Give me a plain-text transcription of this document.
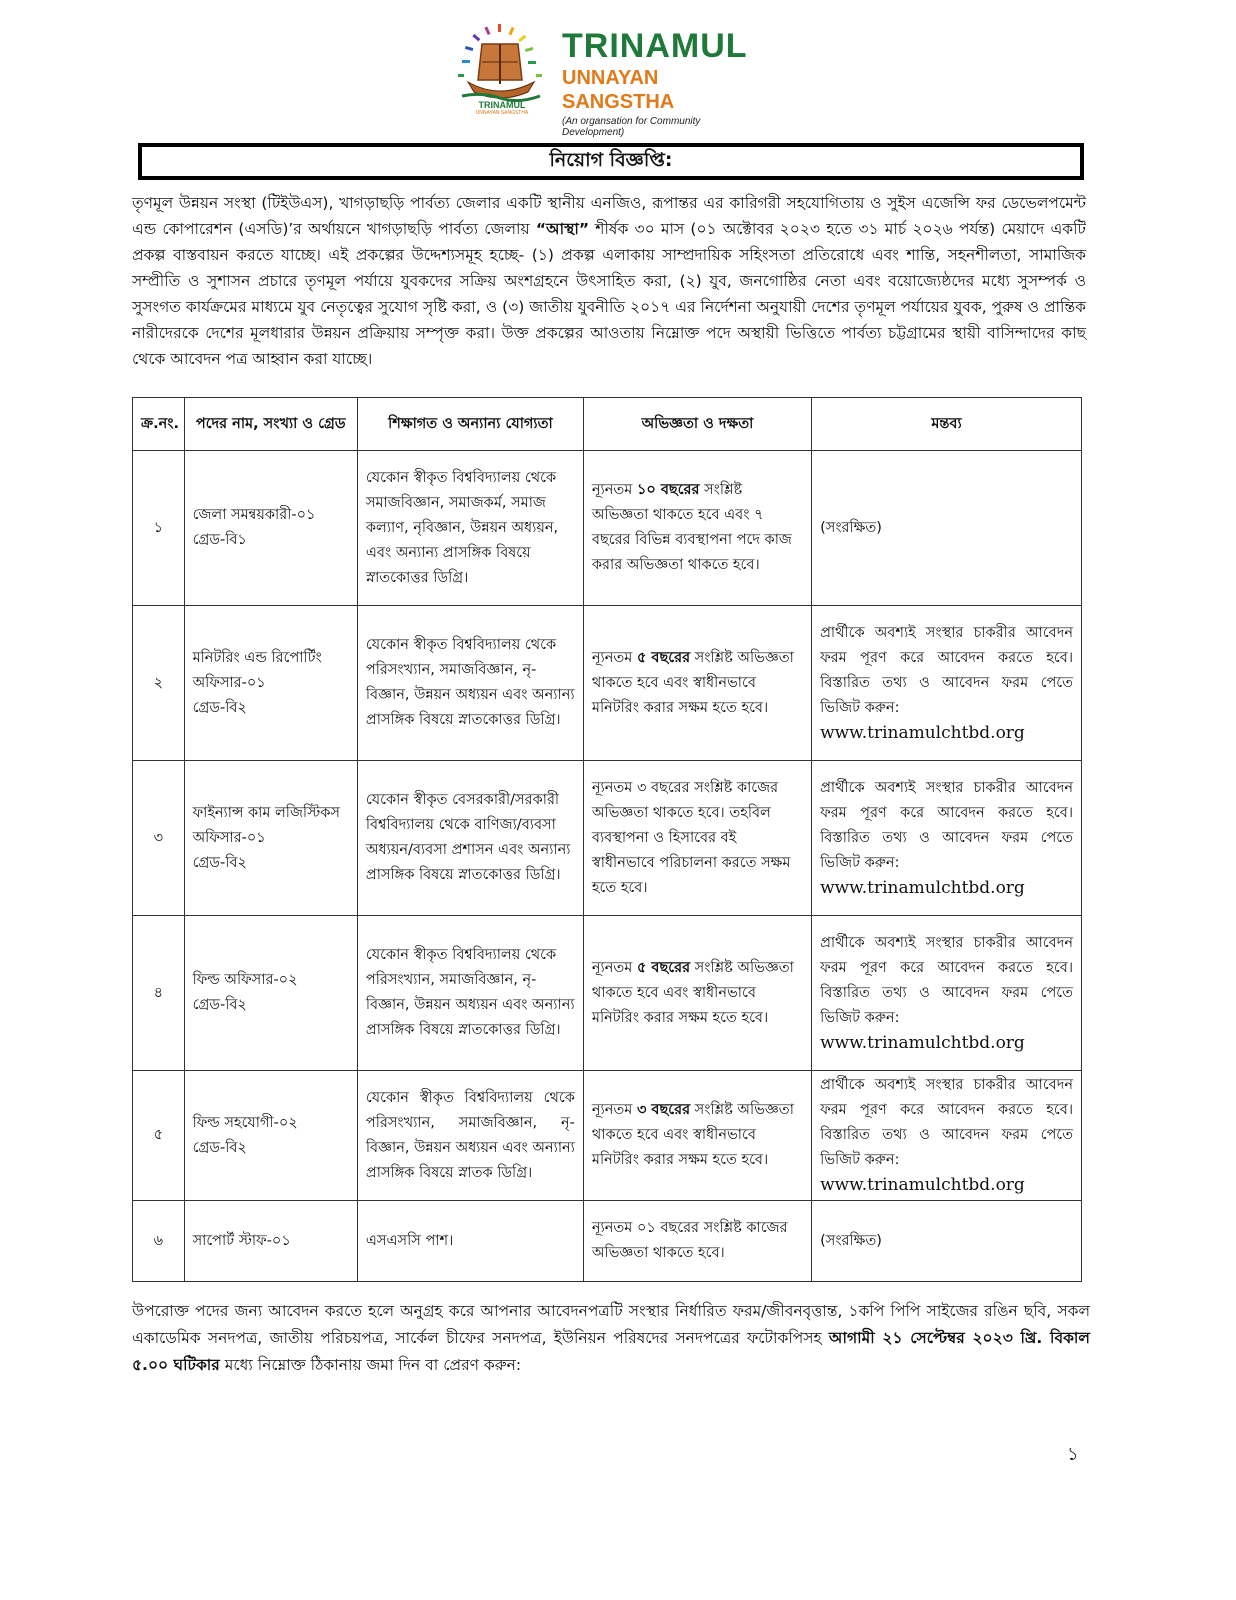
TRINAMUL
UNNAYAN SANGSTHA
TRINAMUL
UNNAYAN SANGSTHA
(An organsation for Community Development)
নিয়োগ বিজ্ঞপ্তি:
তৃণমূল উন্নয়ন সংস্থা (টিইউএস), খাগড়াছড়ি পার্বত্য জেলার একটি স্থানীয় এনজিও, রূপান্তর এর কারিগরী সহযোগিতায় ও সুইস এজেন্সি ফর ডেভেলপমেন্ট এন্ড কোপারেশন (এসডি)’র অর্থায়নে খাগড়াছড়ি পার্বত্য জেলায় “আস্থা” শীর্ষক ৩০ মাস (০১ অক্টোবর ২০২৩ হতে ৩১ মার্চ ২০২৬ পর্যন্ত) মেয়াদে একটি প্রকল্প বাস্তবায়ন করতে যাচ্ছে। এই প্রকল্পের উদ্দেশ্যসমূহ হচ্ছে- (১) প্রকল্প এলাকায় সাম্প্রদায়িক সহিংসতা প্রতিরোধে এবং শান্তি, সহনশীলতা, সামাজিক সম্প্রীতি ও সুশাসন প্রচারে তৃণমূল পর্যায়ে যুবকদের সক্রিয় অংশগ্রহনে উৎসাহিত করা, (২) যুব, জনগোষ্ঠির নেতা এবং বয়োজ্যেষ্ঠদের মধ্যে সুসম্পর্ক ও সুসংগত কার্যক্রমের মাধ্যমে যুব নেতৃত্বের সুযোগ সৃষ্টি করা, ও (৩) জাতীয় যুবনীতি ২০১৭ এর নির্দেশনা অনুযায়ী দেশের তৃণমূল পর্যায়ের যুবক, পুরুষ ও প্রান্তিক নারীদেরকে দেশের মূলধারার উন্নয়ন প্রক্রিয়ায় সম্পৃক্ত করা। উক্ত প্রকল্পের আওতায় নিম্নোক্ত পদে অস্থায়ী ভিত্তিতে পার্বত্য চট্টগ্রামের স্থায়ী বাসিন্দাদের কাছ থেকে আবেদন পত্র আহ্বান করা যাচ্ছে।
ক্র.নং.	পদের নাম, সংখ্যা ও গ্রেড	শিক্ষাগত ও অন্যান্য যোগ্যতা	অভিজ্ঞতা ও দক্ষতা	মন্তব্য
১	জেলা সমন্বয়কারী-০১
গ্রেড-বি১	যেকোন স্বীকৃত বিশ্ববিদ্যালয় থেকে সমাজবিজ্ঞান, সমাজকর্ম, সমাজ কল্যাণ, নৃবিজ্ঞান, উন্নয়ন অধ্যয়ন, এবং অন্যান্য প্রাসঙ্গিক বিষয়ে স্নাতকোত্তর ডিগ্রি।	ন্যূনতম ১০ বছরের সংশ্লিষ্ট অভিজ্ঞতা থাকতে হবে এবং ৭ বছরের বিভিন্ন ব্যবস্থাপনা পদে কাজ করার অভিজ্ঞতা থাকতে হবে।	(সংরক্ষিত)
২	মনিটরিং এন্ড রিপোর্টিং অফিসার-০১
গ্রেড-বি২	যেকোন স্বীকৃত বিশ্ববিদ্যালয় থেকে পরিসংখ্যান, সমাজবিজ্ঞান, নৃ-বিজ্ঞান, উন্নয়ন অধ্যয়ন এবং অন্যান্য প্রাসঙ্গিক বিষয়ে স্নাতকোত্তর ডিগ্রি।	ন্যূনতম ৫ বছরের সংশ্লিষ্ট অভিজ্ঞতা থাকতে হবে এবং স্বাধীনভাবে মনিটরিং করার সক্ষম হতে হবে।	প্রার্থীকে অবশ্যই সংস্থার চাকরীর আবেদন ফরম পূরণ করে আবেদন করতে হবে। বিস্তারিত তথ্য ও আবেদন ফরম পেতে ভিজিট করুন:
www.trinamulchtbd.org

৩	ফাইন্যান্স কাম লজিস্টিকস অফিসার-০১
গ্রেড-বি২	যেকোন স্বীকৃত বেসরকারী/সরকারী বিশ্ববিদ্যালয় থেকে বাণিজ্য/ব্যবসা অধ্যয়ন/ব্যবসা প্রশাসন এবং অন্যান্য প্রাসঙ্গিক বিষয়ে স্নাতকোত্তর ডিগ্রি।	ন্যূনতম ৩ বছরের সংশ্লিষ্ট কাজের অভিজ্ঞতা থাকতে হবে। তহবিল ব্যবস্থাপনা ও হিসাবের বই স্বাধীনভাবে পরিচালনা করতে সক্ষম হতে হবে।	প্রার্থীকে অবশ্যই সংস্থার চাকরীর আবেদন ফরম পূরণ করে আবেদন করতে হবে। বিস্তারিত তথ্য ও আবেদন ফরম পেতে ভিজিট করুন:
www.trinamulchtbd.org

৪	ফিল্ড অফিসার-০২
গ্রেড-বি২	যেকোন স্বীকৃত বিশ্ববিদ্যালয় থেকে পরিসংখ্যান, সমাজবিজ্ঞান, নৃ-বিজ্ঞান, উন্নয়ন অধ্যয়ন এবং অন্যান্য প্রাসঙ্গিক বিষয়ে স্নাতকোত্তর ডিগ্রি।	ন্যূনতম ৫ বছরের সংশ্লিষ্ট অভিজ্ঞতা থাকতে হবে এবং স্বাধীনভাবে মনিটরিং করার সক্ষম হতে হবে।	প্রার্থীকে অবশ্যই সংস্থার চাকরীর আবেদন ফরম পূরণ করে আবেদন করতে হবে। বিস্তারিত তথ্য ও আবেদন ফরম পেতে ভিজিট করুন:
www.trinamulchtbd.org

৫	ফিল্ড সহযোগী-০২
গ্রেড-বি২	যেকোন স্বীকৃত বিশ্ববিদ্যালয় থেকে পরিসংখ্যান, সমাজবিজ্ঞান, নৃ-বিজ্ঞান, উন্নয়ন অধ্যয়ন এবং অন্যান্য প্রাসঙ্গিক বিষয়ে স্নাতক ডিগ্রি।	ন্যূনতম ৩ বছরের সংশ্লিষ্ট অভিজ্ঞতা থাকতে হবে এবং স্বাধীনভাবে মনিটরিং করার সক্ষম হতে হবে।	প্রার্থীকে অবশ্যই সংস্থার চাকরীর আবেদন ফরম পূরণ করে আবেদন করতে হবে। বিস্তারিত তথ্য ও আবেদন ফরম পেতে ভিজিট করুন:
www.trinamulchtbd.org

৬	সাপোর্ট স্টাফ-০১	এসএসসি পাশ।	ন্যূনতম ০১ বছরের সংশ্লিষ্ট কাজের অভিজ্ঞতা থাকতে হবে।	(সংরক্ষিত)
উপরোক্ত পদের জন্য আবেদন করতে হলে অনুগ্রহ করে আপনার আবেদনপত্রটি সংস্থার নির্ধারিত ফরম/জীবনবৃত্তান্ত, ১কপি পিপি সাইজের রঙিন ছবি, সকল একাডেমিক সনদপত্র, জাতীয় পরিচয়পত্র, সার্কেল চীফের সনদপত্র, ইউনিয়ন পরিষদের সনদপত্রের ফটোকপিসহ আগামী ২১ সেপ্টেম্বর ২০২৩ খ্রি. বিকাল ৫.০০ ঘটিকার মধ্যে নিম্নোক্ত ঠিকানায় জমা দিন বা প্রেরণ করুন:
১
